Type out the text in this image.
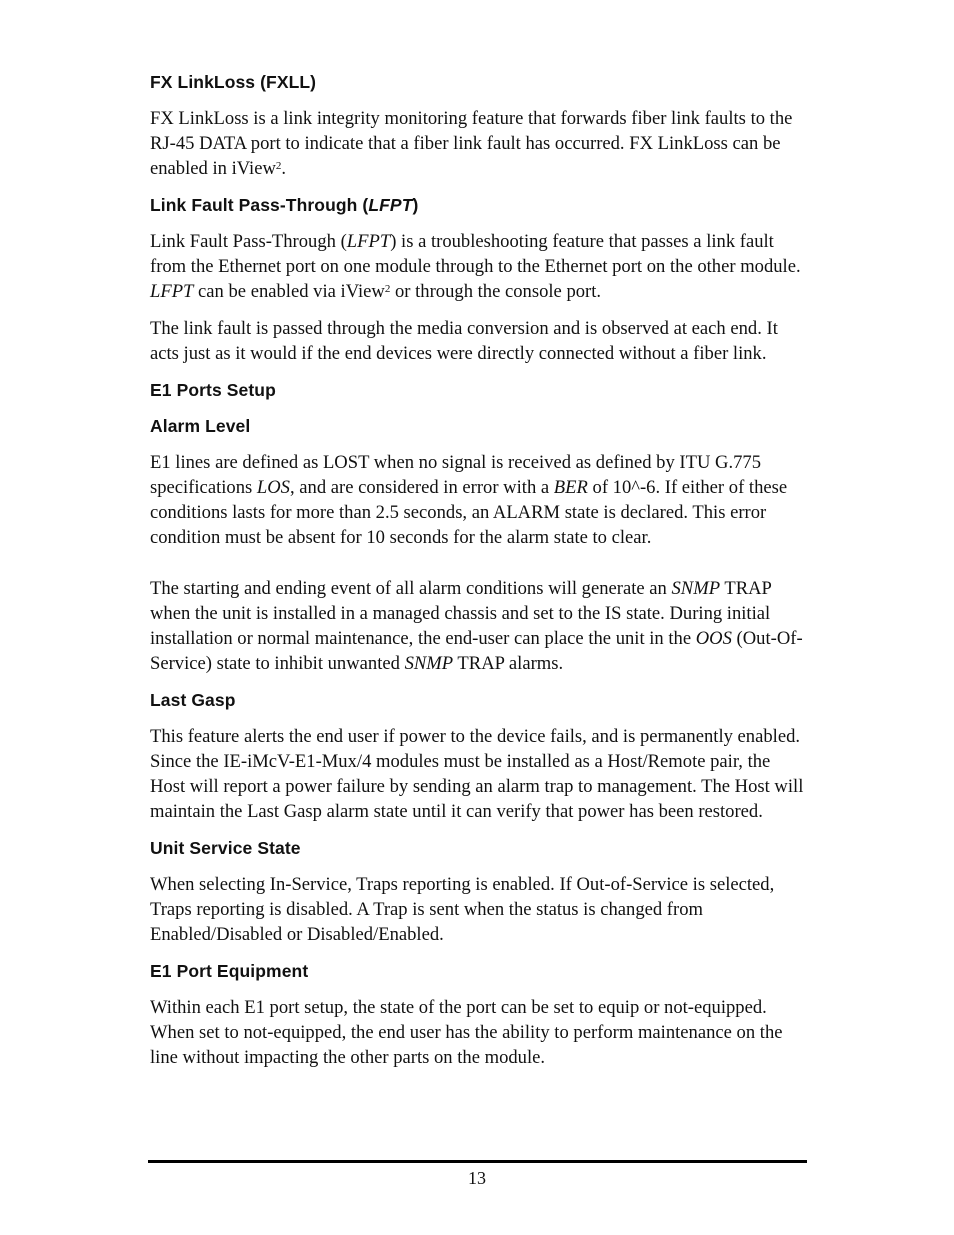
FX LinkLoss (FXLL)

FX LinkLoss is a link integrity monitoring feature that forwards fiber link faults to the RJ-45 DATA port to indicate that a fiber link fault has occurred. FX LinkLoss can be enabled in iView$^2$.

Link Fault Pass-Through (LFPT)

Link Fault Pass-Through (LFPT) is a troubleshooting feature that passes a link fault from the Ethernet port on one module through to the Ethernet port on the other module. LFPT can be enabled via iView$^2$ or through the console port.

The link fault is passed through the media conversion and is observed at each end. It acts just as it would if the end devices were directly connected without a fiber link.

E1 Ports Setup
Alarm Level

E1 lines are defined as LOST when no signal is received as defined by ITU G.775 specifications LOS, and are considered in error with a BER of 10^-6. If either of these conditions lasts for more than 2.5 seconds, an ALARM state is declared. This error condition must be absent for 10 seconds for the alarm state to clear.

The starting and ending event of all alarm conditions will generate an SNMP TRAP when the unit is installed in a managed chassis and set to the IS state. During initial installation or normal maintenance, the end-user can place the unit in the OOS (Out-Of-Service) state to inhibit unwanted SNMP TRAP alarms.

Last Gasp

This feature alerts the end user if power to the device fails, and is permanently enabled. Since the IE-iMcV-E1-Mux/4 modules must be installed as a Host/Remote pair, the Host will report a power failure by sending an alarm trap to management. The Host will maintain the Last Gasp alarm state until it can verify that power has been restored.

Unit Service State

When selecting In-Service, Traps reporting is enabled. If Out-of-Service is selected, Traps reporting is disabled. A Trap is sent when the status is changed from Enabled/Disabled or Disabled/Enabled.

E1 Port Equipment

Within each E1 port setup, the state of the port can be set to equip or not-equipped. When set to not-equipped, the end user has the ability to perform maintenance on the line without impacting the other parts on the module.

13
